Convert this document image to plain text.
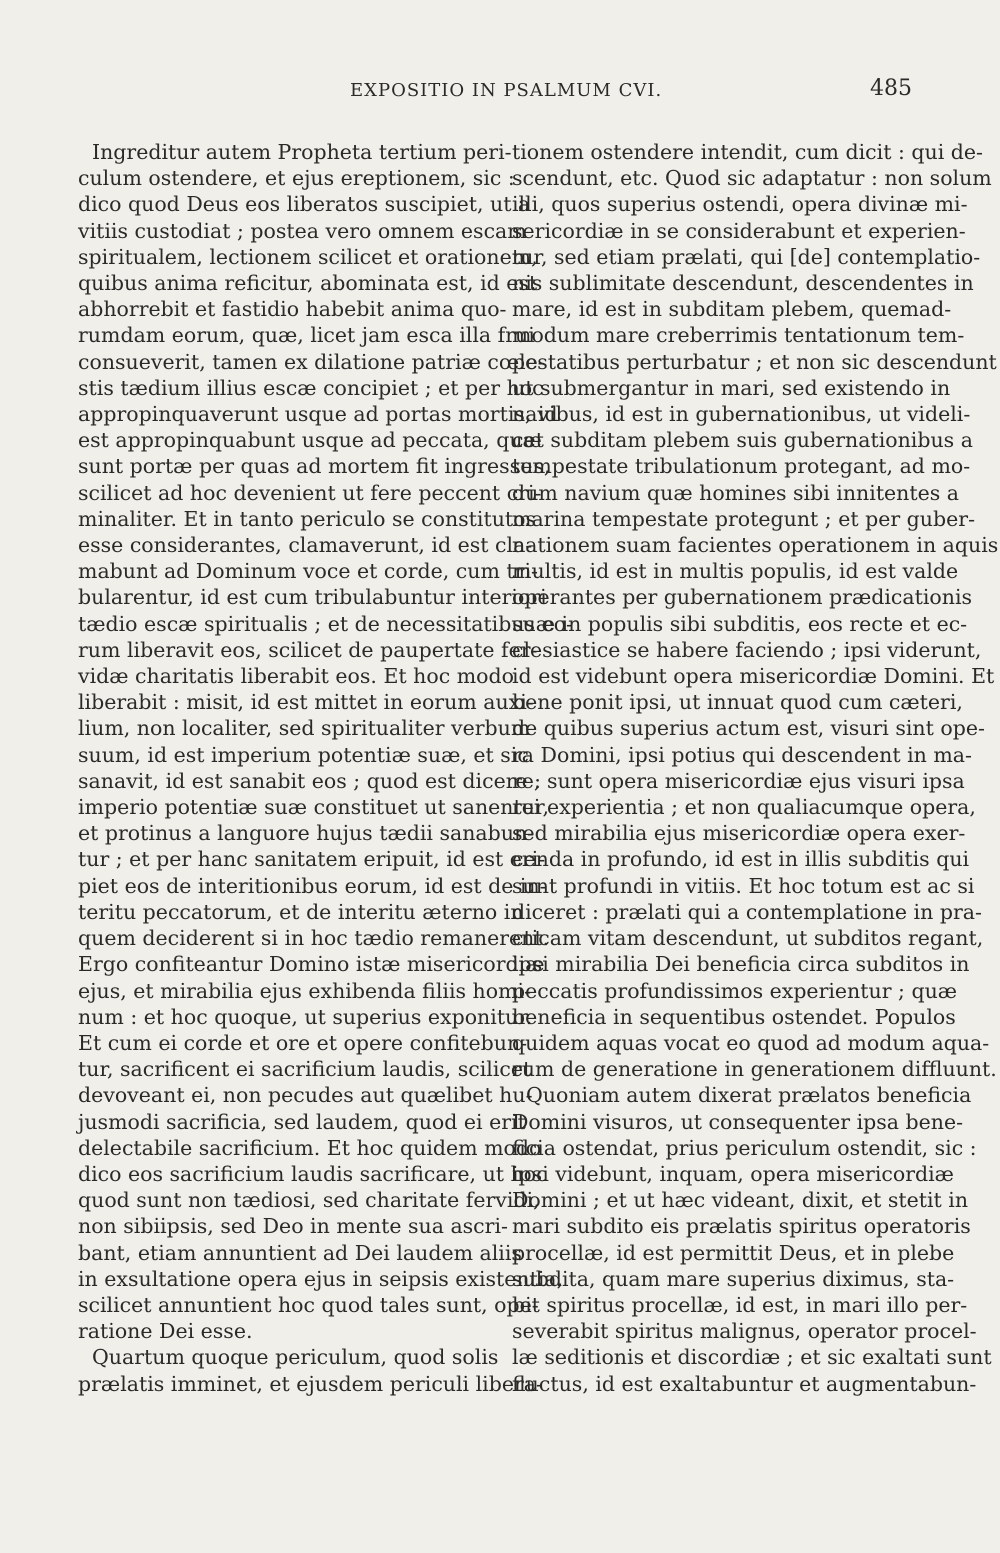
EXPOSITIO IN PSALMUM CVI.	485
Ingreditur autem Propheta tertium peri-
culum ostendere, et ejus ereptionem, sic :
dico quod Deus eos liberatos suscipiet, ut a
vitiis custodiat ; postea vero omnem escam
spiritualem, lectionem scilicet et orationem,
quibus anima reficitur, abominata est, id est
abhorrebit et fastidio habebit anima quo-
rumdam eorum, quæ, licet jam esca illa frui
consueverit, tamen ex dilatione patriæ cœle-
stis tædium illius escæ concipiet ; et per hoc
appropinquaverunt usque ad portas mortis, id
est appropinquabunt usque ad peccata, quæ
sunt portæ per quas ad mortem fit ingressus,
scilicet ad hoc devenient ut fere peccent cri-
minaliter. Et in tanto periculo se constitutos
esse considerantes, clamaverunt, id est cla-
mabunt ad Dominum voce et corde, cum tri-
bularentur, id est cum tribulabuntur interiori
tædio escæ spiritualis ; et de necessitatibus eo-
rum liberavit eos, scilicet de paupertate fer-
vidæ charitatis liberabit eos. Et hoc modo
liberabit : misit, id est mittet in eorum auxi-
lium, non localiter, sed spiritualiter verbum
suum, id est imperium potentiæ suæ, et sic
sanavit, id est sanabit eos ; quod est dicere :
imperio potentiæ suæ constituet ut sanentur,
et protinus a languore hujus tædii sanabun-
tur ; et per hanc sanitatem eripuit, id est eri-
piet eos de interitionibus eorum, id est de in-
teritu peccatorum, et de interitu æterno in
quem deciderent si in hoc tædio remanerent.
Ergo confiteantur Domino istæ misericordiæ
ejus, et mirabilia ejus exhibenda filiis homi-
num : et hoc quoque, ut superius exponitur.
Et cum ei corde et ore et opere confitebun-
tur, sacrificent ei sacrificium laudis, scilicet
devoveant ei, non pecudes aut quælibet hu-
jusmodi sacrificia, sed laudem, quod ei erit
delectabile sacrificium. Et hoc quidem modo
dico eos sacrificium laudis sacrificare, ut hoc
quod sunt non tædiosi, sed charitate fervidi,
non sibiipsis, sed Deo in mente sua ascri-
bant, etiam annuntient ad Dei laudem aliis
in exsultatione opera ejus in seipsis existentia,
scilicet annuntient hoc quod tales sunt, ope-
ratione Dei esse.
Quartum quoque periculum, quod solis
prælatis imminet, et ejusdem periculi libera-
tionem ostendere intendit, cum dicit : qui de-
scendunt, etc. Quod sic adaptatur : non solum
illi, quos superius ostendi, opera divinæ mi-
sericordiæ in se considerabunt et experien-
tur, sed etiam prælati, qui [de] contemplatio-
nis sublimitate descendunt, descendentes in
mare, id est in subditam plebem, quemad-
modum mare creberrimis tentationum tem-
pestatibus perturbatur ; et non sic descendunt
ut submergantur in mari, sed existendo in
navibus, id est in gubernationibus, ut videli-
cet subditam plebem suis gubernationibus a
tempestate tribulationum protegant, ad mo-
dum navium quæ homines sibi innitentes a
marina tempestate protegunt ; et per guber-
nationem suam facientes operationem in aquis
multis, id est in multis populis, id est valde
operantes per gubernationem prædicationis
suæ in populis sibi subditis, eos recte et ec-
clesiastice se habere faciendo ; ipsi viderunt,
id est videbunt opera misericordiæ Domini. Et
bene ponit ipsi, ut innuat quod cum cæteri,
de quibus superius actum est, visuri sint ope-
ra Domini, ipsi potius qui descendent in ma-
re, sunt opera misericordiæ ejus visuri ipsa
rei experientia ; et non qualiacumque opera,
sed mirabilia ejus misericordiæ opera exer-
cenda in profundo, id est in illis subditis qui
sunt profundi in vitiis. Et hoc totum est ac si
diceret : prælati qui a contemplatione in pra-
cticam vitam descendunt, ut subditos regant,
ipsi mirabilia Dei beneficia circa subditos in
peccatis profundissimos experientur ; quæ
beneficia in sequentibus ostendet. Populos
quidem aquas vocat eo quod ad modum aqua-
rum de generatione in generationem diffluunt.
Quoniam autem dixerat prælatos beneficia
Domini visuros, ut consequenter ipsa bene-
ficia ostendat, prius periculum ostendit, sic :
ipsi videbunt, inquam, opera misericordiæ
Domini ; et ut hæc videant, dixit, et stetit in
mari subdito eis prælatis spiritus operatoris
procellæ, id est permittit Deus, et in plebe
subdita, quam mare superius diximus, sta-
bit spiritus procellæ, id est, in mari illo per-
severabit spiritus malignus, operator procel-
læ seditionis et discordiæ ; et sic exaltati sunt
fluctus, id est exaltabuntur et augmentabun-
